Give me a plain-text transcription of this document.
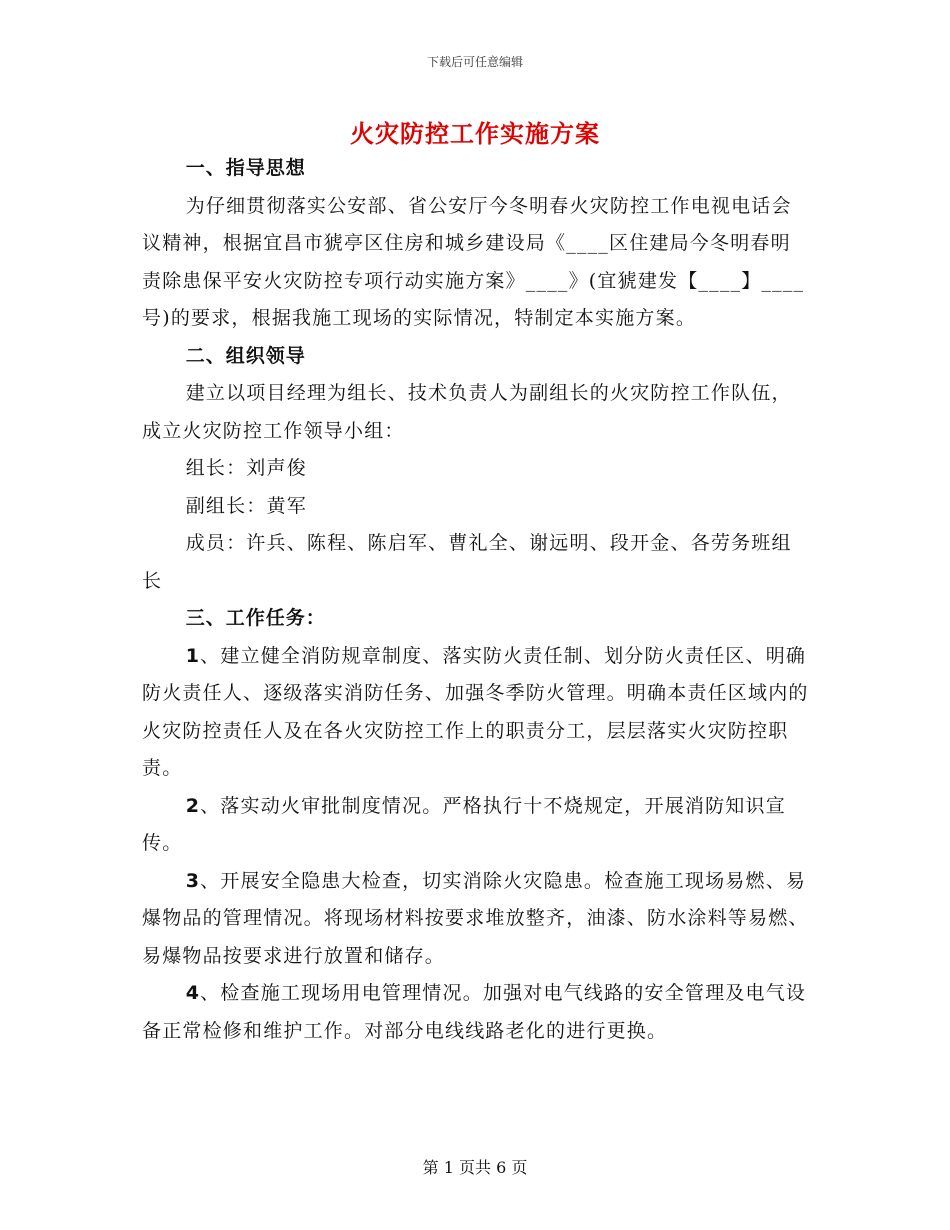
下载后可任意编辑
火灾防控工作实施方案
一、指导思想

为仔细贯彻落实公安部、省公安厅今冬明春火灾防控工作电视电话会议精神，根据宜昌市猇亭区住房和城乡建设局《____区住建局今冬明春明责除患保平安火灾防控专项行动实施方案》____》(宜猇建发【____】____号)的要求，根据我施工现场的实际情况，特制定本实施方案。

二、组织领导

建立以项目经理为组长、技术负责人为副组长的火灾防控工作队伍，成立火灾防控工作领导小组：

组长：刘声俊

副组长：黄军

成员：许兵、陈程、陈启军、曹礼全、谢远明、段开金、各劳务班组长

三、工作任务：

1、建立健全消防规章制度、落实防火责任制、划分防火责任区、明确防火责任人、逐级落实消防任务、加强冬季防火管理。明确本责任区域内的火灾防控责任人及在各火灾防控工作上的职责分工，层层落实火灾防控职责。

2、落实动火审批制度情况。严格执行十不烧规定，开展消防知识宣传。

3、开展安全隐患大检查，切实消除火灾隐患。检查施工现场易燃、易爆物品的管理情况。将现场材料按要求堆放整齐，油漆、防水涂料等易燃、易爆物品按要求进行放置和储存。

4、检查施工现场用电管理情况。加强对电气线路的安全管理及电气设备正常检修和维护工作。对部分电线线路老化的进行更换。

第 1 页共 6 页
